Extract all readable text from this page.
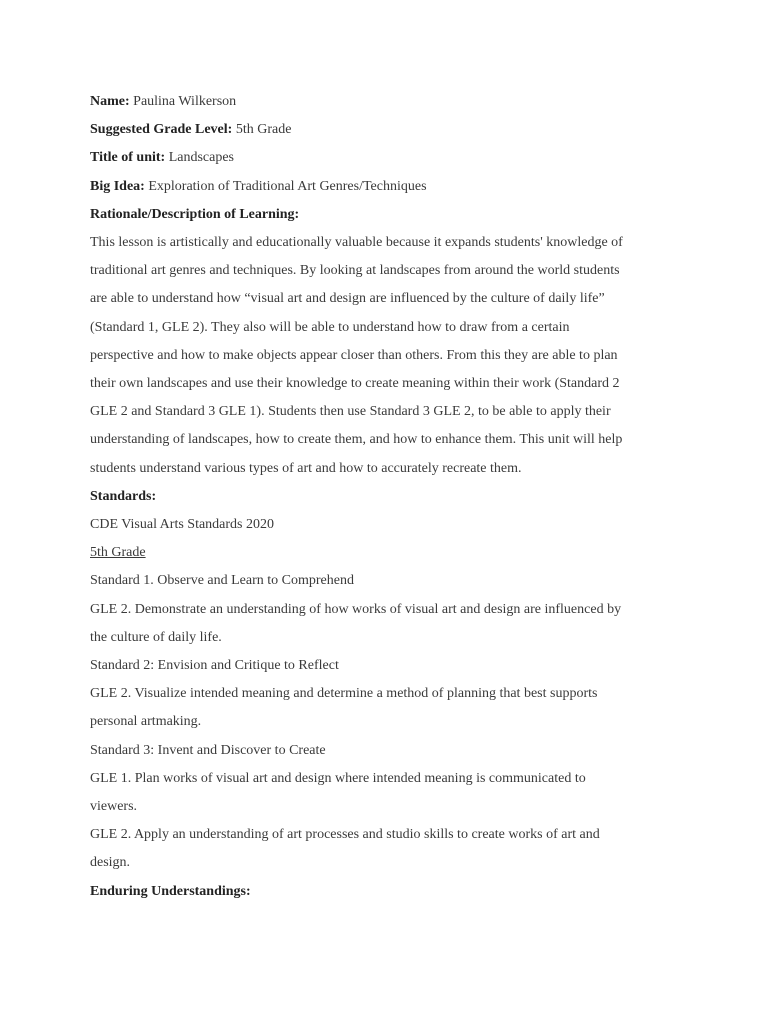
Name: Paulina Wilkerson
Suggested Grade Level: 5th Grade
Title of unit: Landscapes
Big Idea: Exploration of Traditional Art Genres/Techniques
Rationale/Description of Learning:
This lesson is artistically and educationally valuable because it expands students' knowledge of
traditional art genres and techniques. By looking at landscapes from around the world students
are able to understand how “visual art and design are influenced by the culture of daily life”
(Standard 1, GLE 2). They also will be able to understand how to draw from a certain
perspective and how to make objects appear closer than others. From this they are able to plan
their own landscapes and use their knowledge to create meaning within their work (Standard 2
GLE 2 and Standard 3 GLE 1). Students then use Standard 3 GLE 2, to be able to apply their
understanding of landscapes, how to create them, and how to enhance them. This unit will help
students understand various types of art and how to accurately recreate them.
Standards:
CDE Visual Arts Standards 2020
5th Grade
Standard 1. Observe and Learn to Comprehend
GLE 2. Demonstrate an understanding of how works of visual art and design are influenced by
the culture of daily life.
Standard 2: Envision and Critique to Reflect
GLE 2. Visualize intended meaning and determine a method of planning that best supports
personal artmaking.
Standard 3: Invent and Discover to Create
GLE 1. Plan works of visual art and design where intended meaning is communicated to
viewers.
GLE 2. Apply an understanding of art processes and studio skills to create works of art and
design.
Enduring Understandings:
